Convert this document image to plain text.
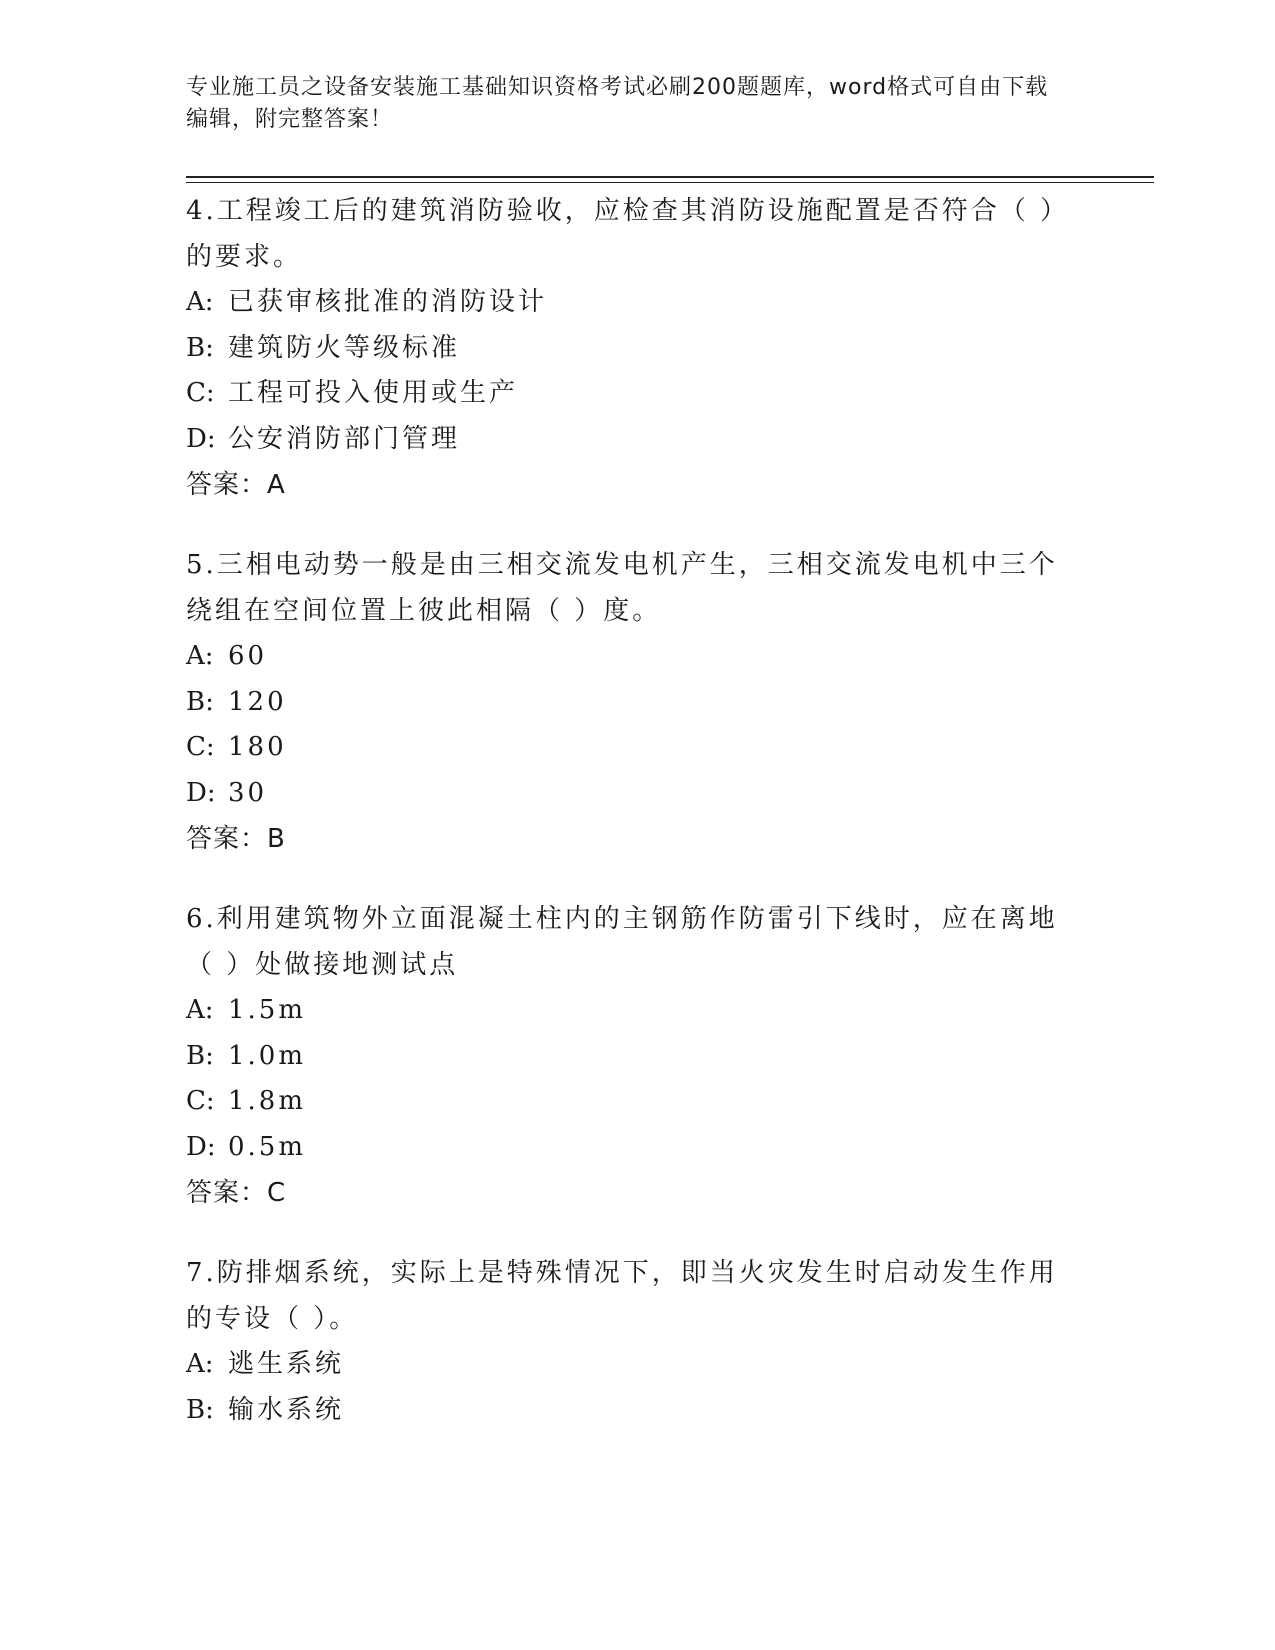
专业施工员之设备安装施工基础知识资格考试必刷200题题库，word格式可自由下载编辑，附完整答案！

4.工程竣工后的建筑消防验收，应检查其消防设施配置是否符合（ ）的要求。

A: 已获审核批准的消防设计

B: 建筑防火等级标准

C: 工程可投入使用或生产

D: 公安消防部门管理

答案：A

5.三相电动势一般是由三相交流发电机产生，三相交流发电机中三个绕组在空间位置上彼此相隔（ ）度。

A: 60

B: 120

C: 180

D: 30

答案：B

6.利用建筑物外立面混凝土柱内的主钢筋作防雷引下线时，应在离地（ ）处做接地测试点

A: 1.5m

B: 1.0m

C: 1.8m

D: 0.5m

答案：C

7.防排烟系统，实际上是特殊情况下，即当火灾发生时启动发生作用的专设（ ）。

A: 逃生系统

B: 输水系统
